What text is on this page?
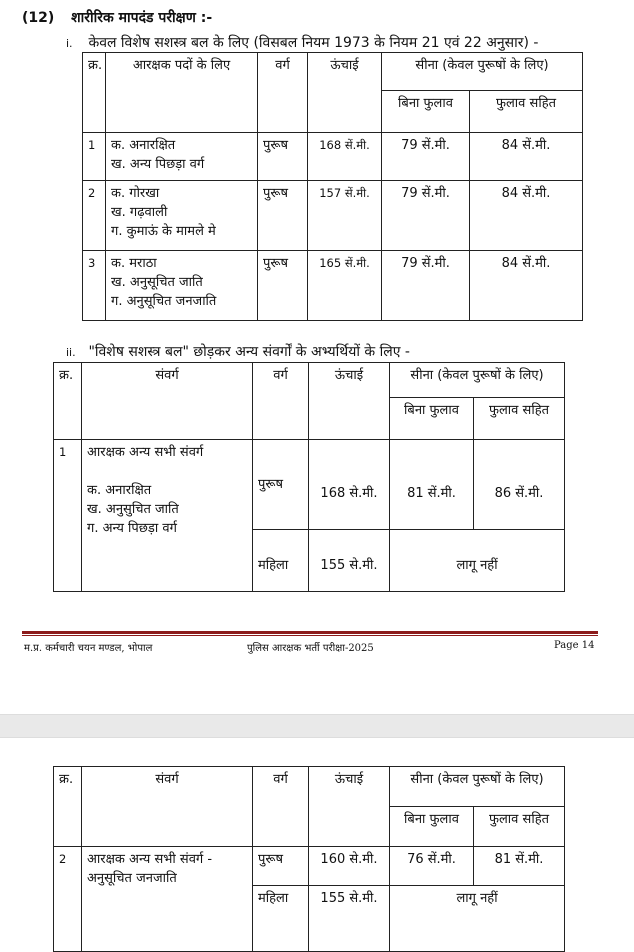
(12) शारीरिक मापदंड परीक्षण :-
i. केवल विशेष सशस्त्र बल के लिए (विसबल नियम 1973 के नियम 21 एवं 22 अनुसार) -
क्र.	आरक्षक पदों के लिए	वर्ग	ऊंचाई	सीना (केवल पुरूषों के लिए)	

				बिना फुलाव	फुलाव सहित

1	क. अनारक्षित
ख. अन्य पिछड़ा वर्ग	पुरूष	168 सें.मी.	79 सें.मी.	84 सें.मी.

2	क. गोरखा
ख. गढ़वाली
ग. कुमाऊं के मामले मे	पुरूष	157 सें.मी.	79 सें.मी.	84 सें.मी.

3	क. मराठा
ख. अनुसूचित जाति
ग. अनुसूचित जनजाति	पुरूष	165 सें.मी.	79 सें.मी.	84 सें.मी.
ii. "विशेष सशस्त्र बल" छोड़कर अन्य संवर्गों के अभ्यर्थियों के लिए -
क्र.	संवर्ग	वर्ग	ऊंचाई	सीना (केवल पुरूषों के लिए)	

				बिना फुलाव	फुलाव सहित

1	आरक्षक अन्य सभी संवर्ग

क. अनारक्षित
ख. अनुसुचित जाति
ग. अन्य पिछड़ा वर्ग	पुरूष	168 से.मी.	81 सें.मी.	86 सें.मी.

		महिला	155 से.मी.	लागू नहीं	
म.प्र. कर्मचारी चयन मण्डल, भोपाल	पुलिस आरक्षक भर्ती परीक्षा-2025	Page 14
क्र.	संवर्ग	वर्ग	ऊंचाई	सीना (केवल पुरूषों के लिए)	

				बिना फुलाव	फुलाव सहित

2	आरक्षक अन्य सभी संवर्ग - अनुसूचित जनजाति	पुरूष	160 से.मी.	76 सें.मी.	81 सें.मी.

		महिला	155 से.मी.	लागू नहीं	
